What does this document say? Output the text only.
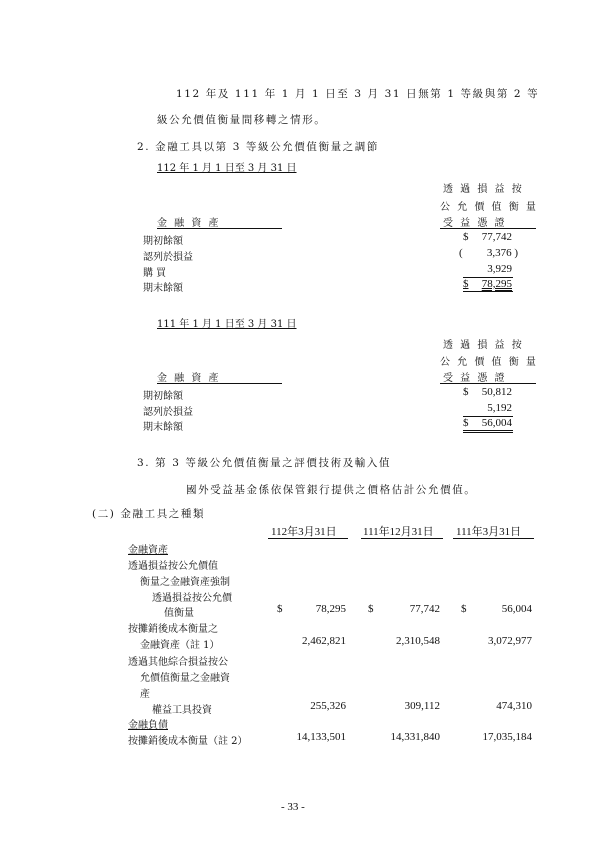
112 年及 111 年 1 月 1 日至 3 月 31 日無第 1 等級與第 2 等
級公允價值衡量間移轉之情形。
2. 金融工具以第 3 等級公允價值衡量之調節
112 年 1 月 1 日至 3 月 31 日
透 過 損 益 按
公 允 價 值 衡 量
受 益 憑 證
金 融 資 產
期初餘額	$	77,742
認列於損益	(	3,376 )
購 買	3,929
期末餘額	$	78,295
111 年 1 月 1 日至 3 月 31 日
透 過 損 益 按
公 允 價 值 衡 量
受 益 憑 證
金 融 資 產
期初餘額	$	50,812
認列於損益	5,192
期末餘額	$	56,004
3. 第 3 等級公允價值衡量之評價技術及輸入值
國外受益基金係依保管銀行提供之價格估計公允價值。
(二) 金融工具之種類
112年3月31日 111年12月31日 111年3月31日
金融資產
透過損益按公允價值
衡量之金融資產強制
透過損益按公允價
值衡量	$	78,295 $	77,742 $	56,004
按攤銷後成本衡量之
金融資產（註 1）	2,462,821	2,310,548	3,072,977
透過其他綜合損益按公
允價值衡量之金融資
產
權益工具投資	255,326	309,112	474,310
金融負債
按攤銷後成本衡量（註 2）	14,133,501	14,331,840	17,035,184
- 33 -
